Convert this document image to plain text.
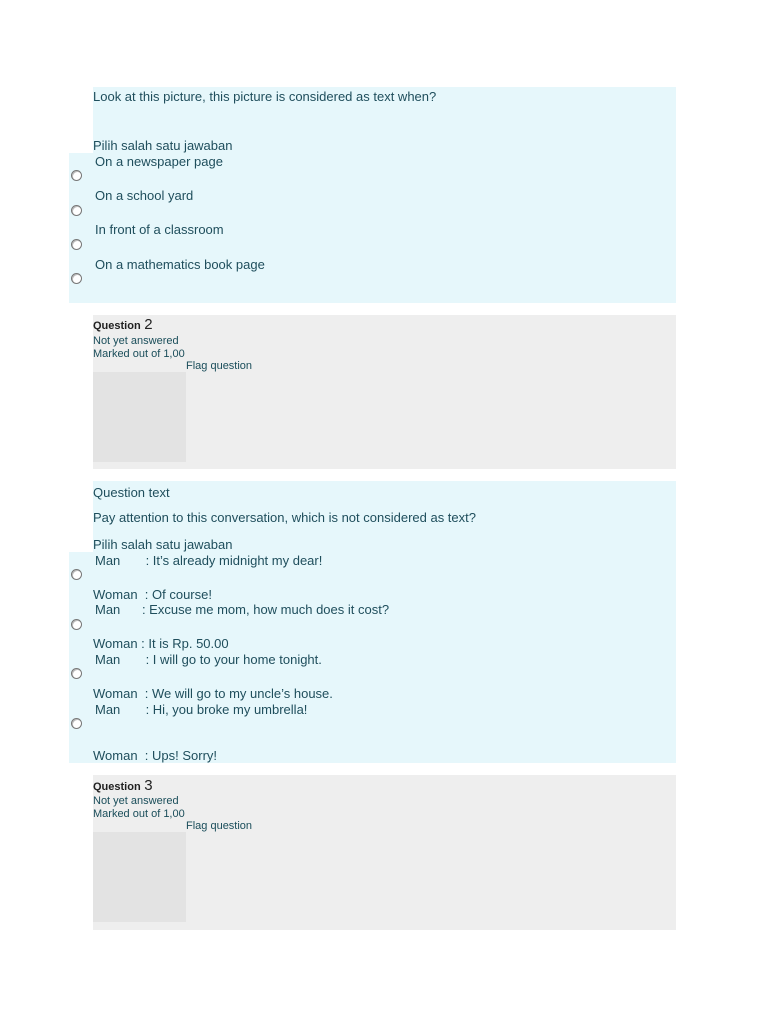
Look at this picture, this picture is considered as text when?
Pilih salah satu jawaban
On a newspaper page
On a school yard
In front of a classroom
On a mathematics book page
Question 2
Not yet answered
Marked out of 1,00
Flag question
Question text
Pay attention to this conversation, which is not considered as text?
Pilih salah satu jawaban
Man       : It’s already midnight my dear!
Woman  : Of course!
Man      : Excuse me mom, how much does it cost?
Woman : It is Rp. 50.00
Man       : I will go to your home tonight.
Woman  : We will go to my uncle’s house.
Man       : Hi, you broke my umbrella!
Woman  : Ups! Sorry!
Question 3
Not yet answered
Marked out of 1,00
Flag question
